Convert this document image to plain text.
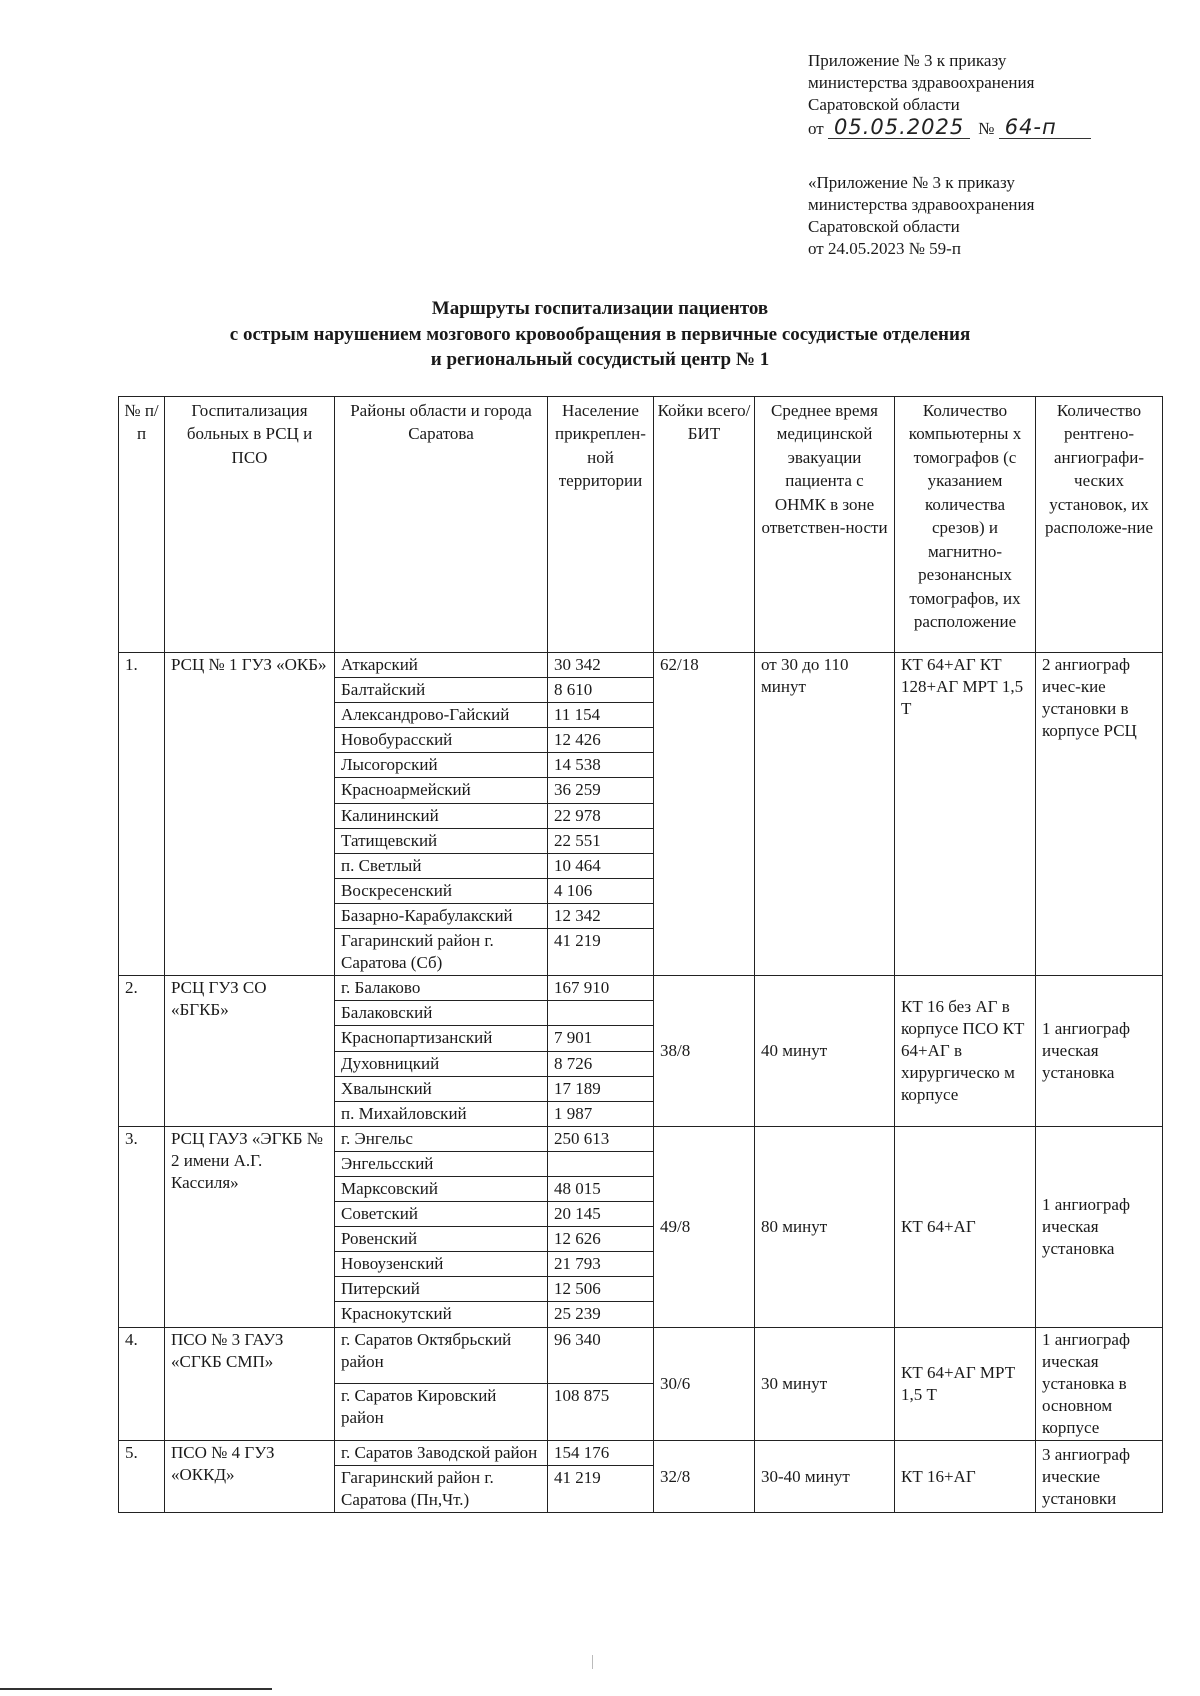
Приложение № 3 к приказу
министерства здравоохранения
Саратовской области
от 05.05.2025 № 64-п
«Приложение № 3 к приказу
министерства здравоохранения
Саратовской области
от 24.05.2023 № 59-п
Маршруты госпитализации пациентов
с острым нарушением мозгового кровообращения в первичные сосудистые отделения
и региональный сосудистый центр № 1
№ п/п	Госпитализация больных в РСЦ и ПСО	Районы области и города Саратова	Население прикреплен-ной территории	Койки всего/ БИТ	Среднее время медицинской эвакуации пациента с ОНМК в зоне ответствен-ности	Количество компьютерны х томографов (с указанием количества срезов) и магнитно-резонансных томографов, их расположение	Количество рентгено-ангиографи-ческих установок, их расположе-ние
1.	РСЦ № 1 ГУЗ «ОКБ»	Аткарский	30 342	62/18	от 30 до 110 минут	КТ 64+АГ КТ 128+АГ МРТ 1,5 Т	2 ангиограф ичес-кие установки в корпусе РСЦ
		Балтайский	8 610				
		Александрово-Гайский	11 154				
		Новобурасский	12 426				
		Лысогорский	14 538				
		Красноармейский	36 259				
		Калининский	22 978				
		Татищевский	22 551				
		п. Светлый	10 464				
		Воскресенский	4 106				
		Базарно-Карабулакский	12 342				
		Гагаринский район г. Саратова (Сб)	41 219				
2.	РСЦ ГУЗ СО «БГКБ»	г. Балаково	167 910	38/8	40 минут	КТ 16 без АГ в корпусе ПСО КТ 64+АГ в хирургическо м корпусе	1 ангиограф ическая установка
		Балаковский					
		Краснопартизанский	7 901				
		Духовницкий	8 726				
		Хвалынский	17 189				
		п. Михайловский	1 987				
3.	РСЦ ГАУЗ «ЭГКБ № 2 имени А.Г. Кассиля»	г. Энгельс	250 613	49/8	80 минут	КТ 64+АГ	1 ангиограф ическая установка
		Энгельсский					
		Марксовский	48 015				
		Советский	20 145				
		Ровенский	12 626				
		Новоузенский	21 793				
		Питерский	12 506				
		Краснокутский	25 239				
4.	ПСО № 3 ГАУЗ «СГКБ СМП»	г. Саратов Октябрьский район	96 340	30/6	30 минут	КТ 64+АГ МРТ 1,5 Т	1 ангиограф ическая установка в основном корпусе
		г. Саратов Кировский район	108 875				
5.	ПСО № 4 ГУЗ «ОККД»	г. Саратов Заводской район	154 176	32/8	30-40 минут	КТ 16+АГ	3 ангиограф ические установки
		Гагаринский район г. Саратова (Пн,Чт.)	41 219				
